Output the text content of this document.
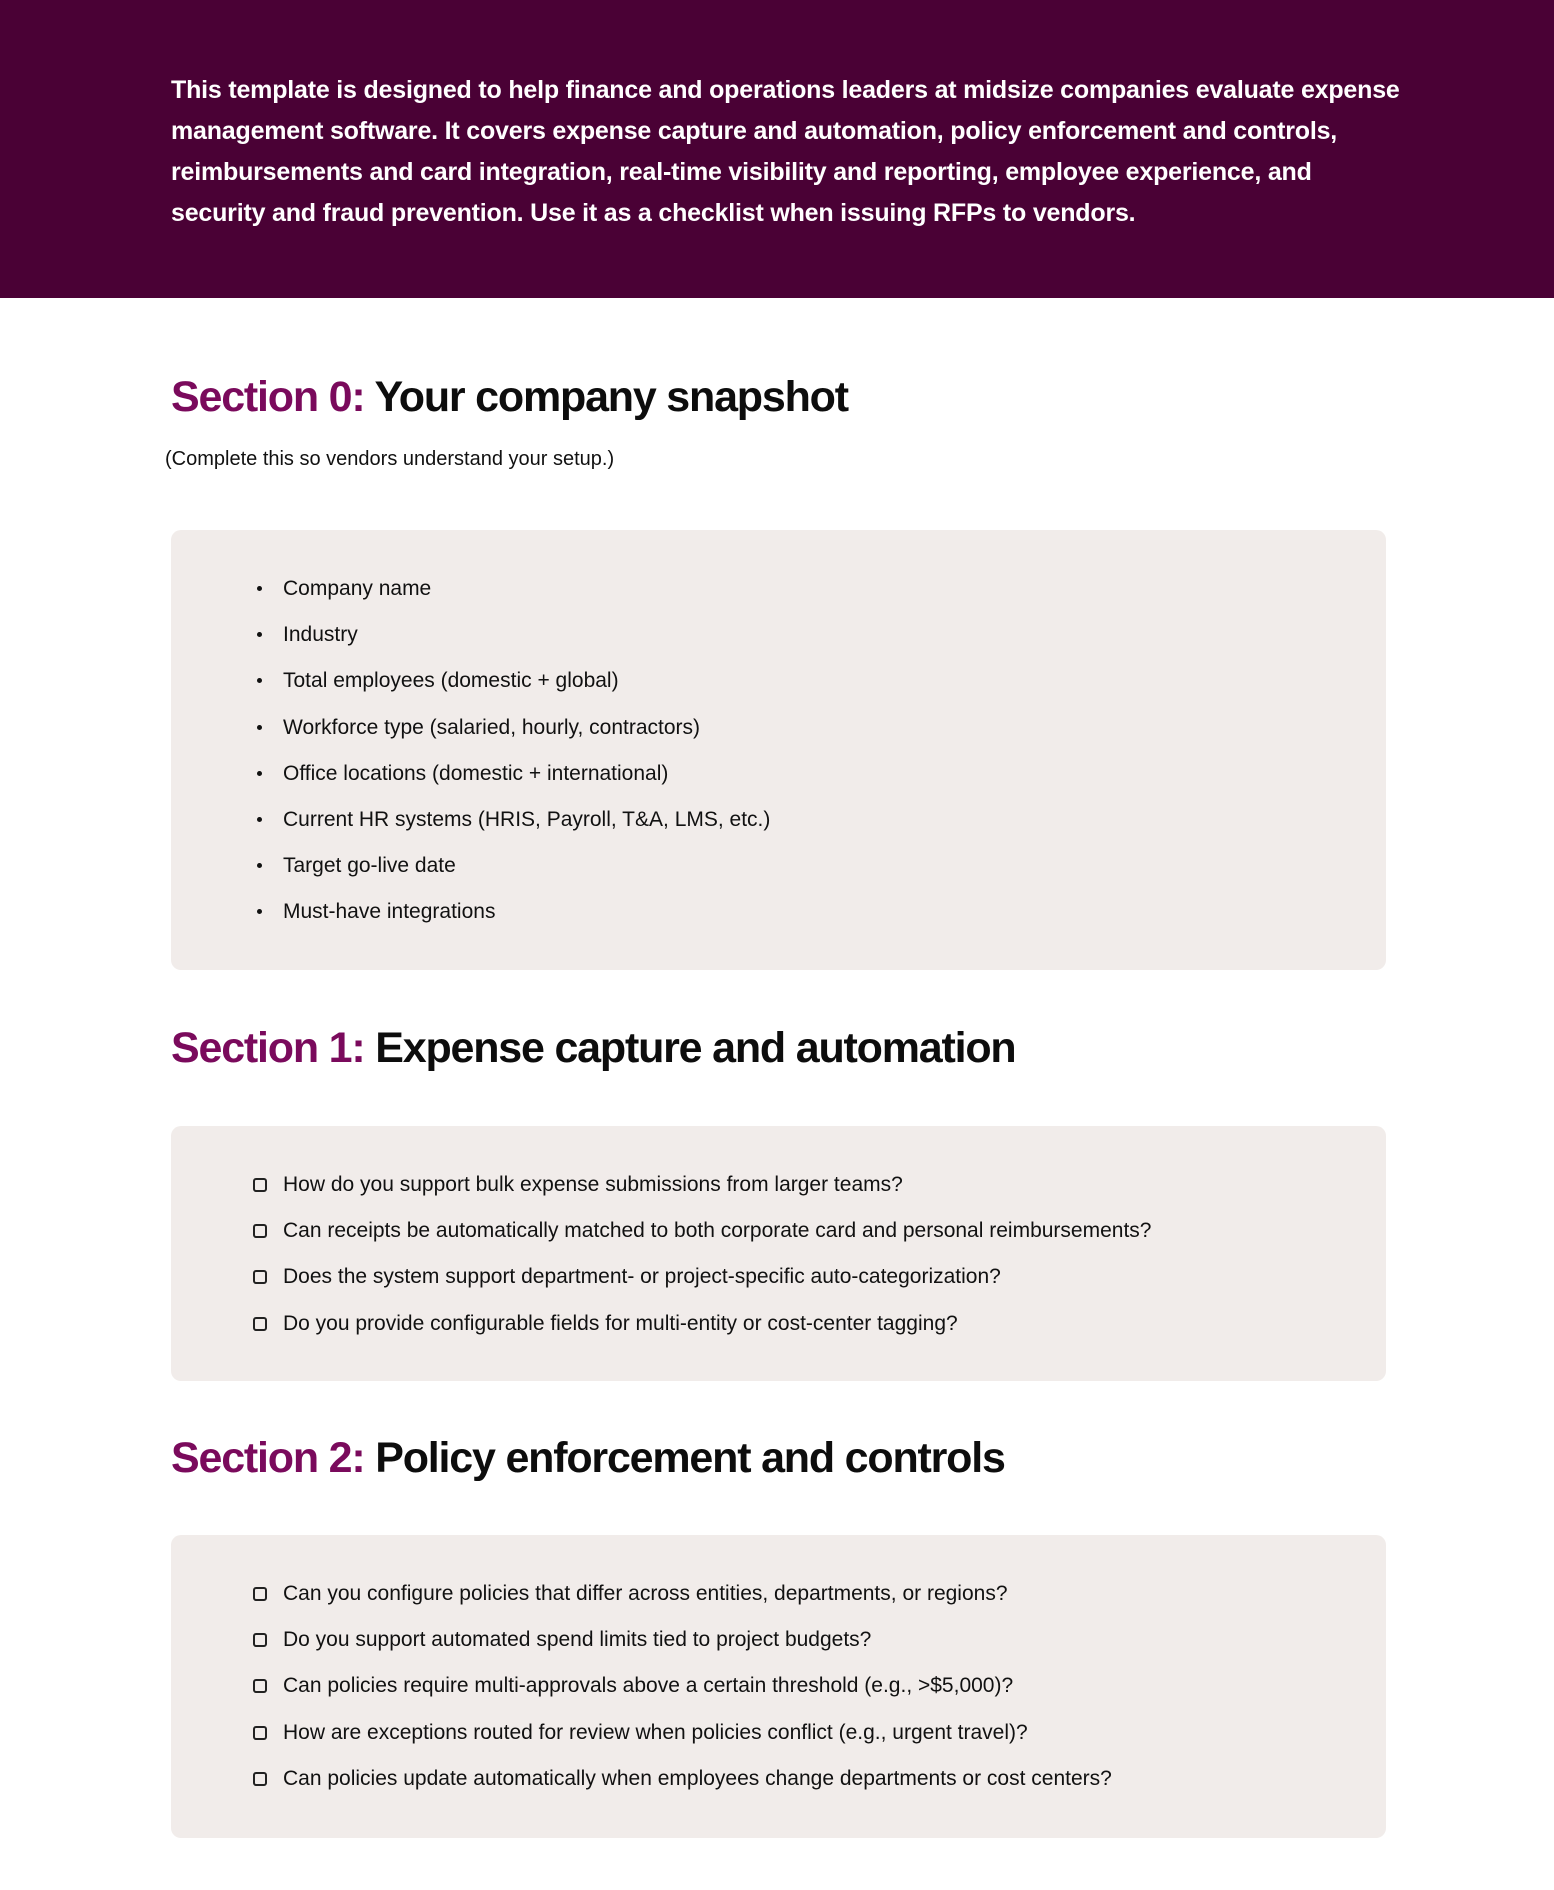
This template is designed to help finance and operations leaders at midsize companies evaluate expense management software. It covers expense capture and automation, policy enforcement and controls, reimbursements and card integration, real-time visibility and reporting, employee experience, and security and fraud prevention. Use it as a checklist when issuing RFPs to vendors.

Section 0: Your company snapshot
(Complete this so vendors understand your setup.)
Company name
Industry
Total employees (domestic + global)
Workforce type (salaried, hourly, contractors)
Office locations (domestic + international)
Current HR systems (HRIS, Payroll, T&A, LMS, etc.)
Target go-live date
Must-have integrations
Section 1: Expense capture and automation
How do you support bulk expense submissions from larger teams?
Can receipts be automatically matched to both corporate card and personal reimbursements?
Does the system support department- or project-specific auto-categorization?
Do you provide configurable fields for multi-entity or cost-center tagging?
Section 2: Policy enforcement and controls
Can you configure policies that differ across entities, departments, or regions?
Do you support automated spend limits tied to project budgets?
Can policies require multi-approvals above a certain threshold (e.g., >$5,000)?
How are exceptions routed for review when policies conflict (e.g., urgent travel)?
Can policies update automatically when employees change departments or cost centers?
